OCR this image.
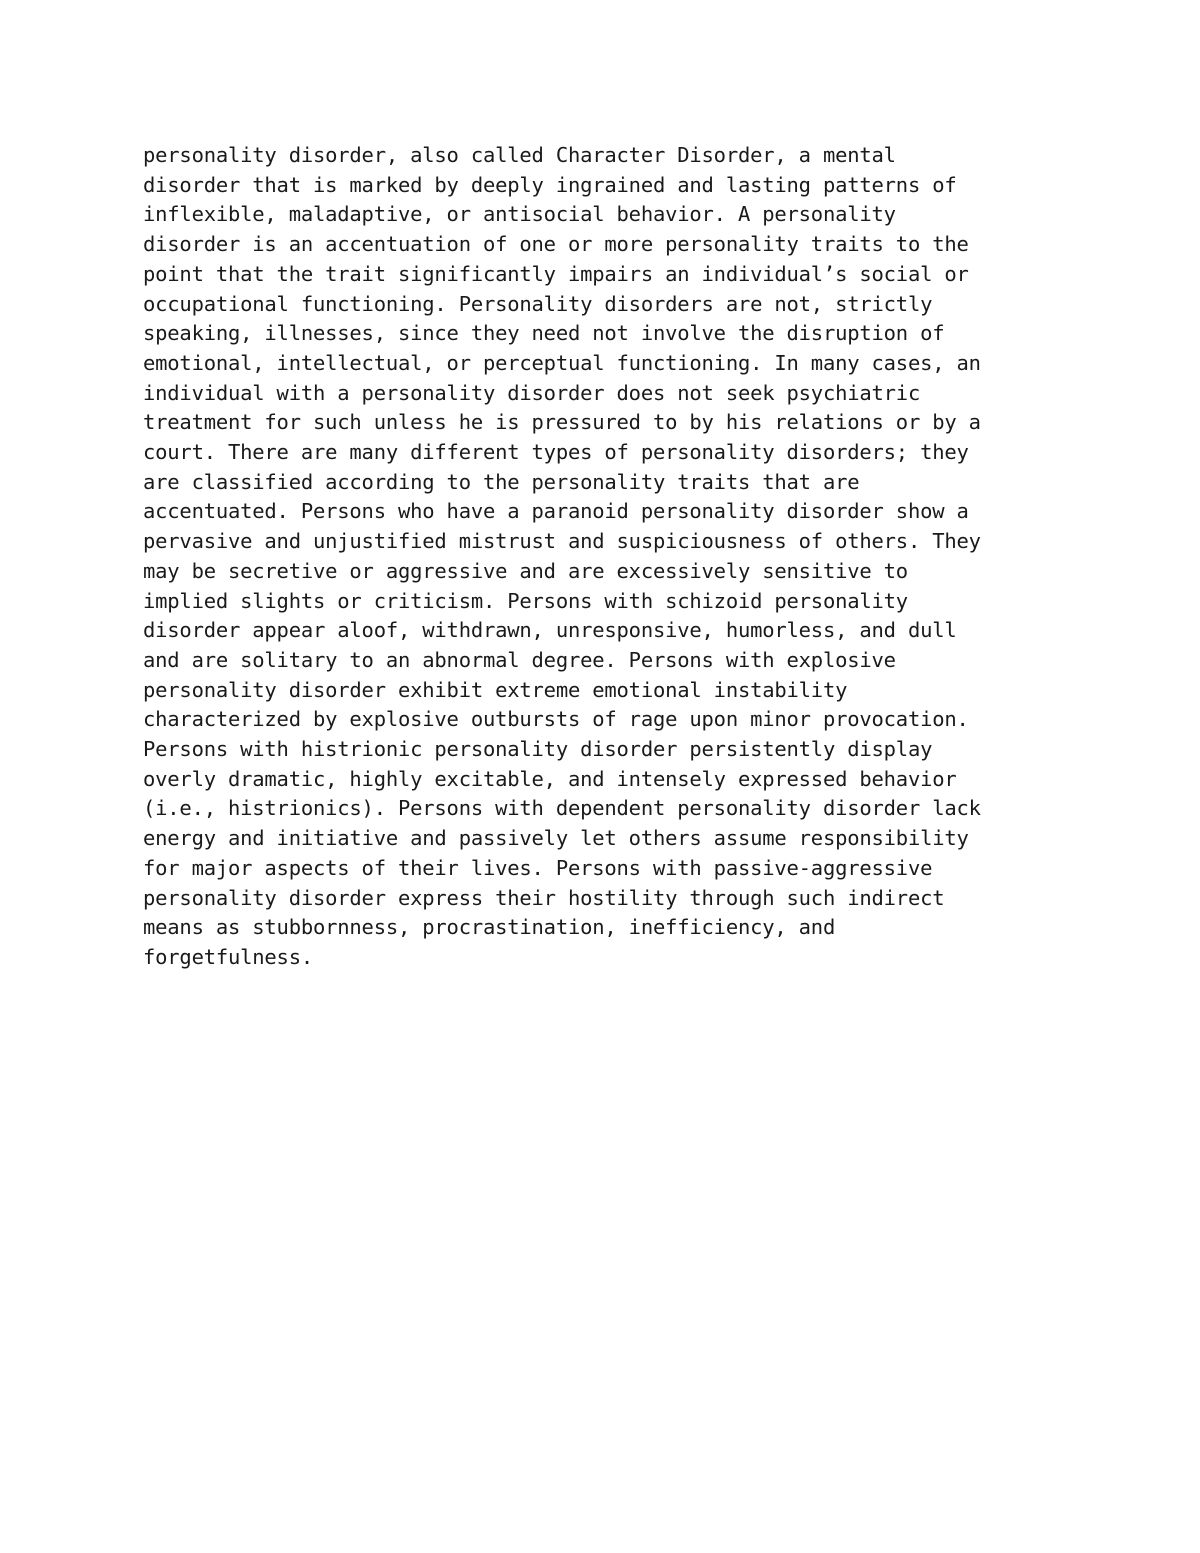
personality disorder, also called Character Disorder, a mental
disorder that is marked by deeply ingrained and lasting patterns of
inflexible, maladaptive, or antisocial behavior. A personality
disorder is an accentuation of one or more personality traits to the
point that the trait significantly impairs an individual’s social or
occupational functioning. Personality disorders are not, strictly
speaking, illnesses, since they need not involve the disruption of
emotional, intellectual, or perceptual functioning. In many cases, an
individual with a personality disorder does not seek psychiatric
treatment for such unless he is pressured to by his relations or by a
court. There are many different types of personality disorders; they
are classified according to the personality traits that are
accentuated. Persons who have a paranoid personality disorder show a
pervasive and unjustified mistrust and suspiciousness of others. They
may be secretive or aggressive and are excessively sensitive to
implied slights or criticism. Persons with schizoid personality
disorder appear aloof, withdrawn, unresponsive, humorless, and dull
and are solitary to an abnormal degree. Persons with explosive
personality disorder exhibit extreme emotional instability
characterized by explosive outbursts of rage upon minor provocation.
Persons with histrionic personality disorder persistently display
overly dramatic, highly excitable, and intensely expressed behavior
(i.e., histrionics). Persons with dependent personality disorder lack
energy and initiative and passively let others assume responsibility
for major aspects of their lives. Persons with passive-aggressive
personality disorder express their hostility through such indirect
means as stubbornness, procrastination, inefficiency, and
forgetfulness.
